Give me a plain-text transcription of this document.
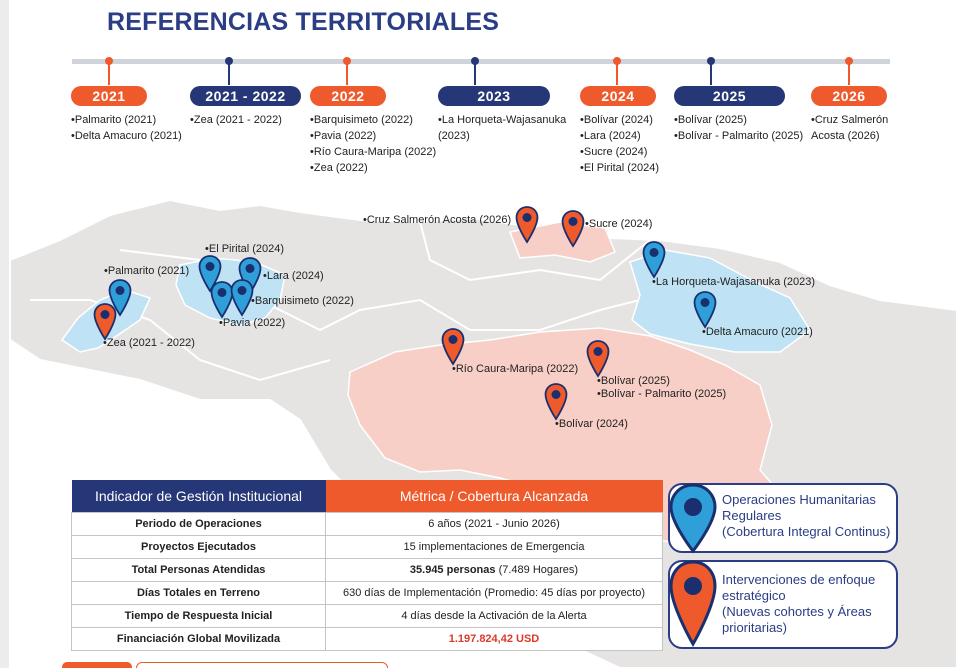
REFERENCIAS TERRITORIALES
2021
•Palmarito (2021)
•Delta Amacuro (2021)
2021 - 2022
•Zea (2021 - 2022)
2022
•Barquisimeto (2022)
•Pavia (2022)
•Río Caura-Maripa (2022)
•Zea (2022)
2023
•La Horqueta-Wajasanuka
(2023)
2024
•Bolívar (2024)
•Lara (2024)
•Sucre (2024)
•El Pirital (2024)
2025
•Bolívar (2025)
•Bolívar - Palmarito (2025)
2026
•Cruz Salmerón
Acosta (2026)
•Palmarito (2021)
•Zea (2021 - 2022)
•El Pirital (2024)
•Lara (2024)
•Pavia (2022)
•Barquisimeto (2022)
•Cruz Salmerón Acosta (2026)	•Sucre (2024)
•La Horqueta-Wajasanuka (2023)
•Delta Amacuro (2021)
•Río Caura-Maripa (2022)
•Bolívar (2025)
•Bolívar - Palmarito (2025)
•Bolívar (2024)
Indicador de Gestión Institucional	Métrica / Cobertura Alcanzada
Periodo de Operaciones	6 años (2021 - Junio 2026)
Proyectos Ejecutados	15 implementaciones de Emergencia
Total Personas Atendidas	35.945 personas (7.489 Hogares)
Días Totales en Terreno	630 días de Implementación (Promedio: 45 días por proyecto)
Tiempo de Respuesta Inicial	4 días desde la Activación de la Alerta
Financiación Global Movilizada	1.197.824,42 USD
Operaciones Humanitarias
Regulares
(Cobertura Integral Continus)
Intervenciones de enfoque
estratégico
(Nuevas cohortes y Áreas
prioritarias)
